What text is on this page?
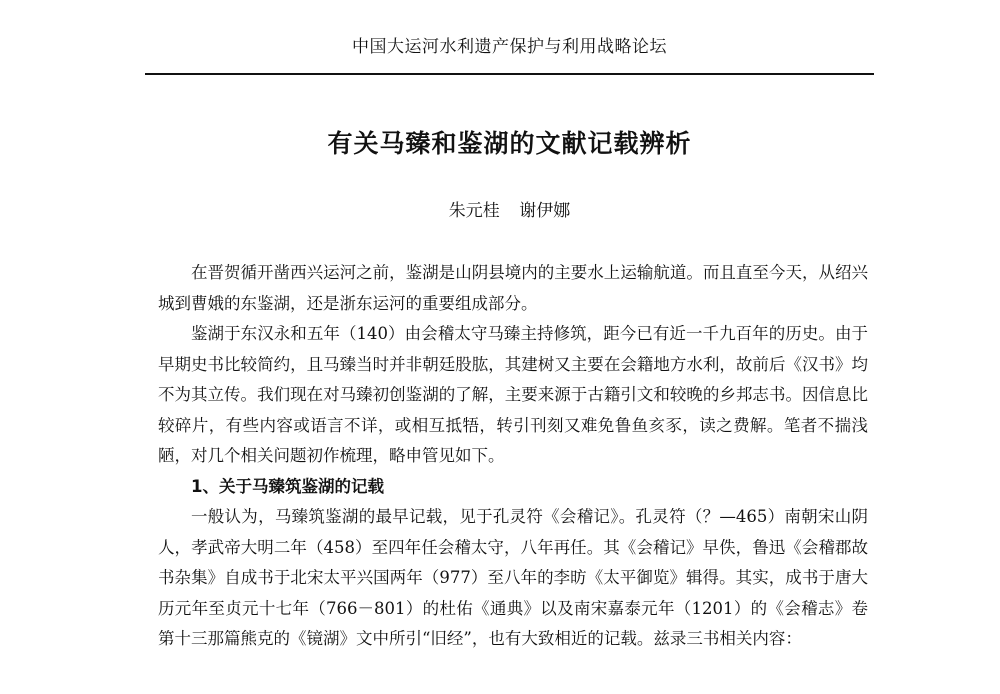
中国大运河水利遗产保护与利用战略论坛
有关马臻和鉴湖的文献记载辨析
朱元桂 谢伊娜

在晋贺循开凿西兴运河之前，鉴湖是山阴县境内的主要水上运输航道。而且直至今天，从绍兴城到曹娥的东鉴湖，还是浙东运河的重要组成部分。

鉴湖于东汉永和五年（140）由会稽太守马臻主持修筑，距今已有近一千九百年的历史。由于早期史书比较简约，且马臻当时并非朝廷股肱，其建树又主要在会籍地方水利，故前后《汉书》均不为其立传。我们现在对马臻初创鉴湖的了解，主要来源于古籍引文和较晚的乡邦志书。因信息比较碎片，有些内容或语言不详，或相互抵牾，转引刊刻又难免鲁鱼亥豕，读之费解。笔者不揣浅陋，对几个相关问题初作梳理，略申管见如下。

1、关于马臻筑鉴湖的记载

一般认为，马臻筑鉴湖的最早记载，见于孔灵符《会稽记》。孔灵符（？—465）南朝宋山阴人，孝武帝大明二年（458）至四年任会稽太守，八年再任。其《会稽记》早佚，鲁迅《会稽郡故书杂集》自成书于北宋太平兴国两年（977）至八年的李昉《太平御览》辑得。其实，成书于唐大历元年至贞元十七年（766－801）的杜佑《通典》以及南宋嘉泰元年（1201）的《会稽志》卷第十三那篇熊克的《镜湖》文中所引“旧经”，也有大致相近的记载。兹录三书相关内容：
